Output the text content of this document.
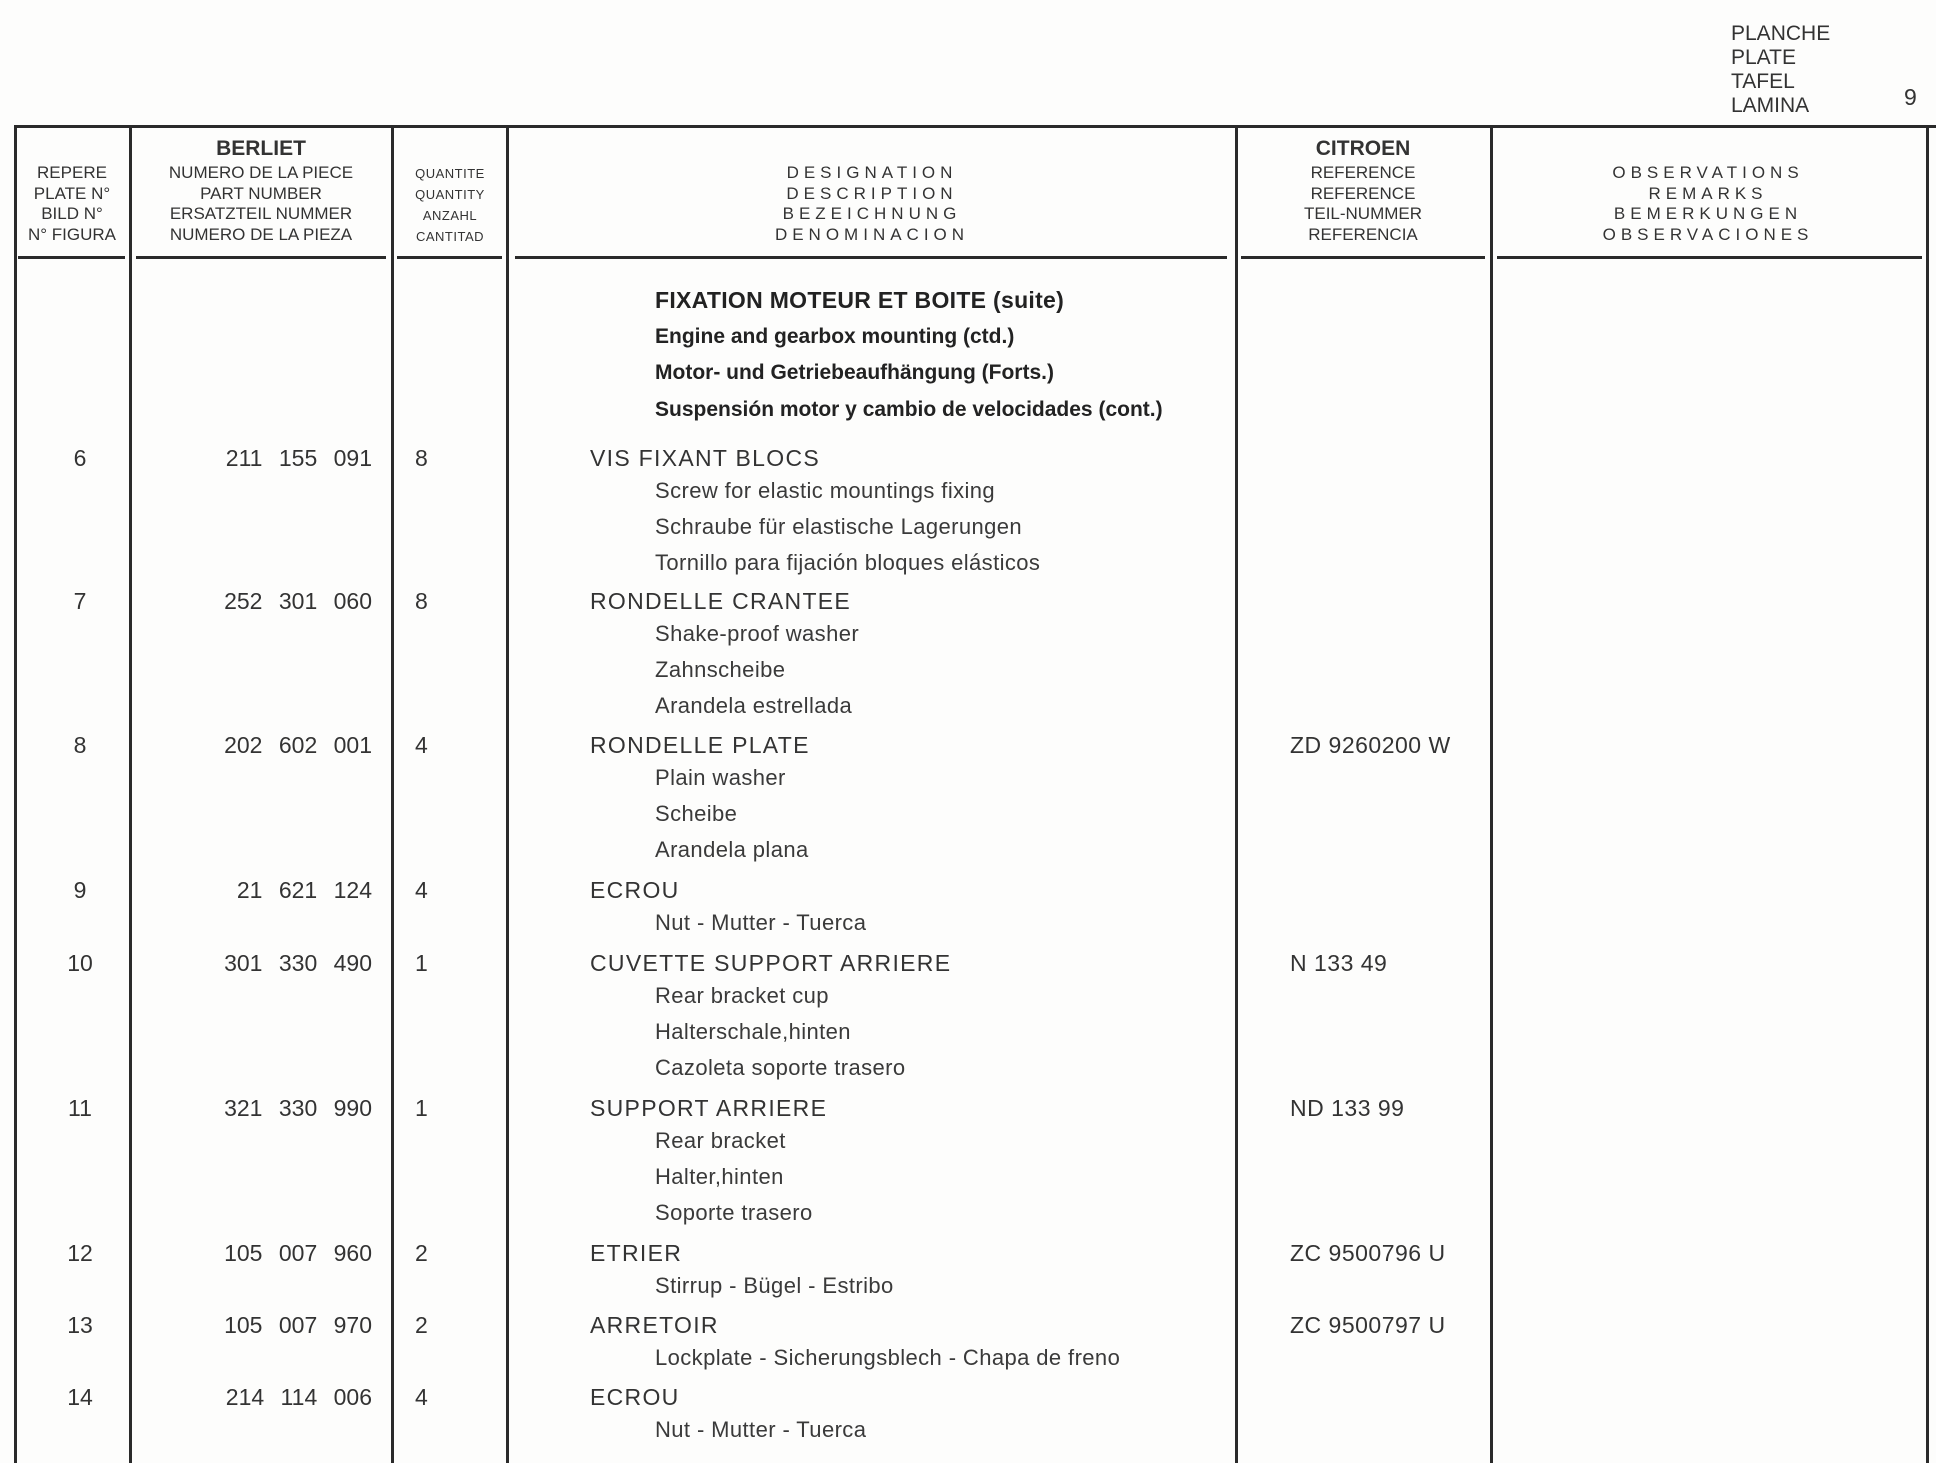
PLANCHE
PLATE
TAFEL
LAMINA	9
REPERE
PLATE N°
BILD N°
N° FIGURA
BERLIET
NUMERO DE LA PIECE
PART NUMBER
ERSATZTEIL NUMMER
NUMERO DE LA PIEZA
QUANTITE
QUANTITY
ANZAHL
CANTITAD
DESIGNATION
DESCRIPTION
BEZEICHNUNG
DENOMINACION
CITROEN
REFERENCE
REFERENCE
TEIL-NUMMER
REFERENCIA
OBSERVATIONS
REMARKS
BEMERKUNGEN
OBSERVACIONES
FIXATION MOTEUR ET BOITE (suite)
Engine and gearbox mounting (ctd.)
Motor- und Getriebeaufhängung (Forts.)
Suspensión motor y cambio de velocidades (cont.)
6	211 155 091 8	VIS FIXANT BLOCS
Screw for elastic mountings fixing
Schraube für elastische Lagerungen
Tornillo para fijación bloques elásticos
7	252 301 060 8	RONDELLE CRANTEE
Shake-proof washer
Zahnscheibe
Arandela estrellada
8	202 602 001 4	RONDELLE PLATE	ZD 9260200 W
Plain washer
Scheibe
Arandela plana
9	21 621 124 4	ECROU
Nut - Mutter - Tuerca
10	301 330 490 1	CUVETTE SUPPORT ARRIERE	N 133 49
Rear bracket cup
Halterschale,hinten
Cazoleta soporte trasero
11	321 330 990 1	SUPPORT ARRIERE	ND 133 99
Rear bracket
Halter,hinten
Soporte trasero
12	105 007 960 2	ETRIER	ZC 9500796 U
Stirrup - Bügel - Estribo
13	105 007 970 2	ARRETOIR	ZC 9500797 U
Lockplate - Sicherungsblech - Chapa de freno
14	214 114 006 4	ECROU
Nut - Mutter - Tuerca
